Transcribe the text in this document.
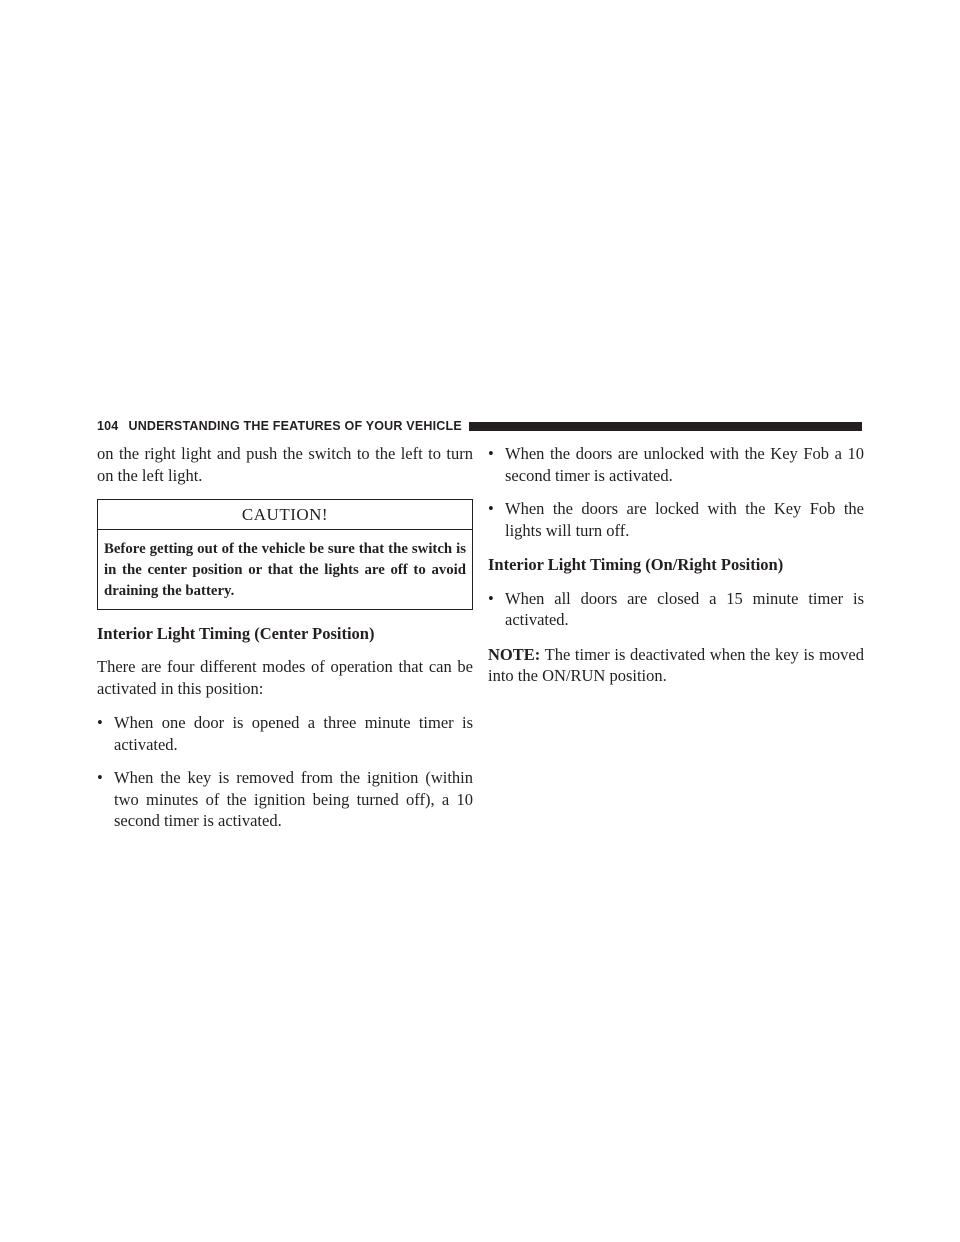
104 UNDERSTANDING THE FEATURES OF YOUR VEHICLE

on the right light and push the switch to the left to turn on the left light.

CAUTION!
Before getting out of the vehicle be sure that the switch is in the center position or that the lights are off to avoid draining the battery.
Interior Light Timing (Center Position)

There are four different modes of operation that can be activated in this position:

• When one door is opened a three minute timer is activated.
• When the key is removed from the ignition (within two minutes of the ignition being turned off), a 10 second timer is activated.
• When the doors are unlocked with the Key Fob a 10 second timer is activated.
• When the doors are locked with the Key Fob the lights will turn off.
Interior Light Timing (On/Right Position)
• When all doors are closed a 15 minute timer is activated.

NOTE: The timer is deactivated when the key is moved into the ON/RUN position.
